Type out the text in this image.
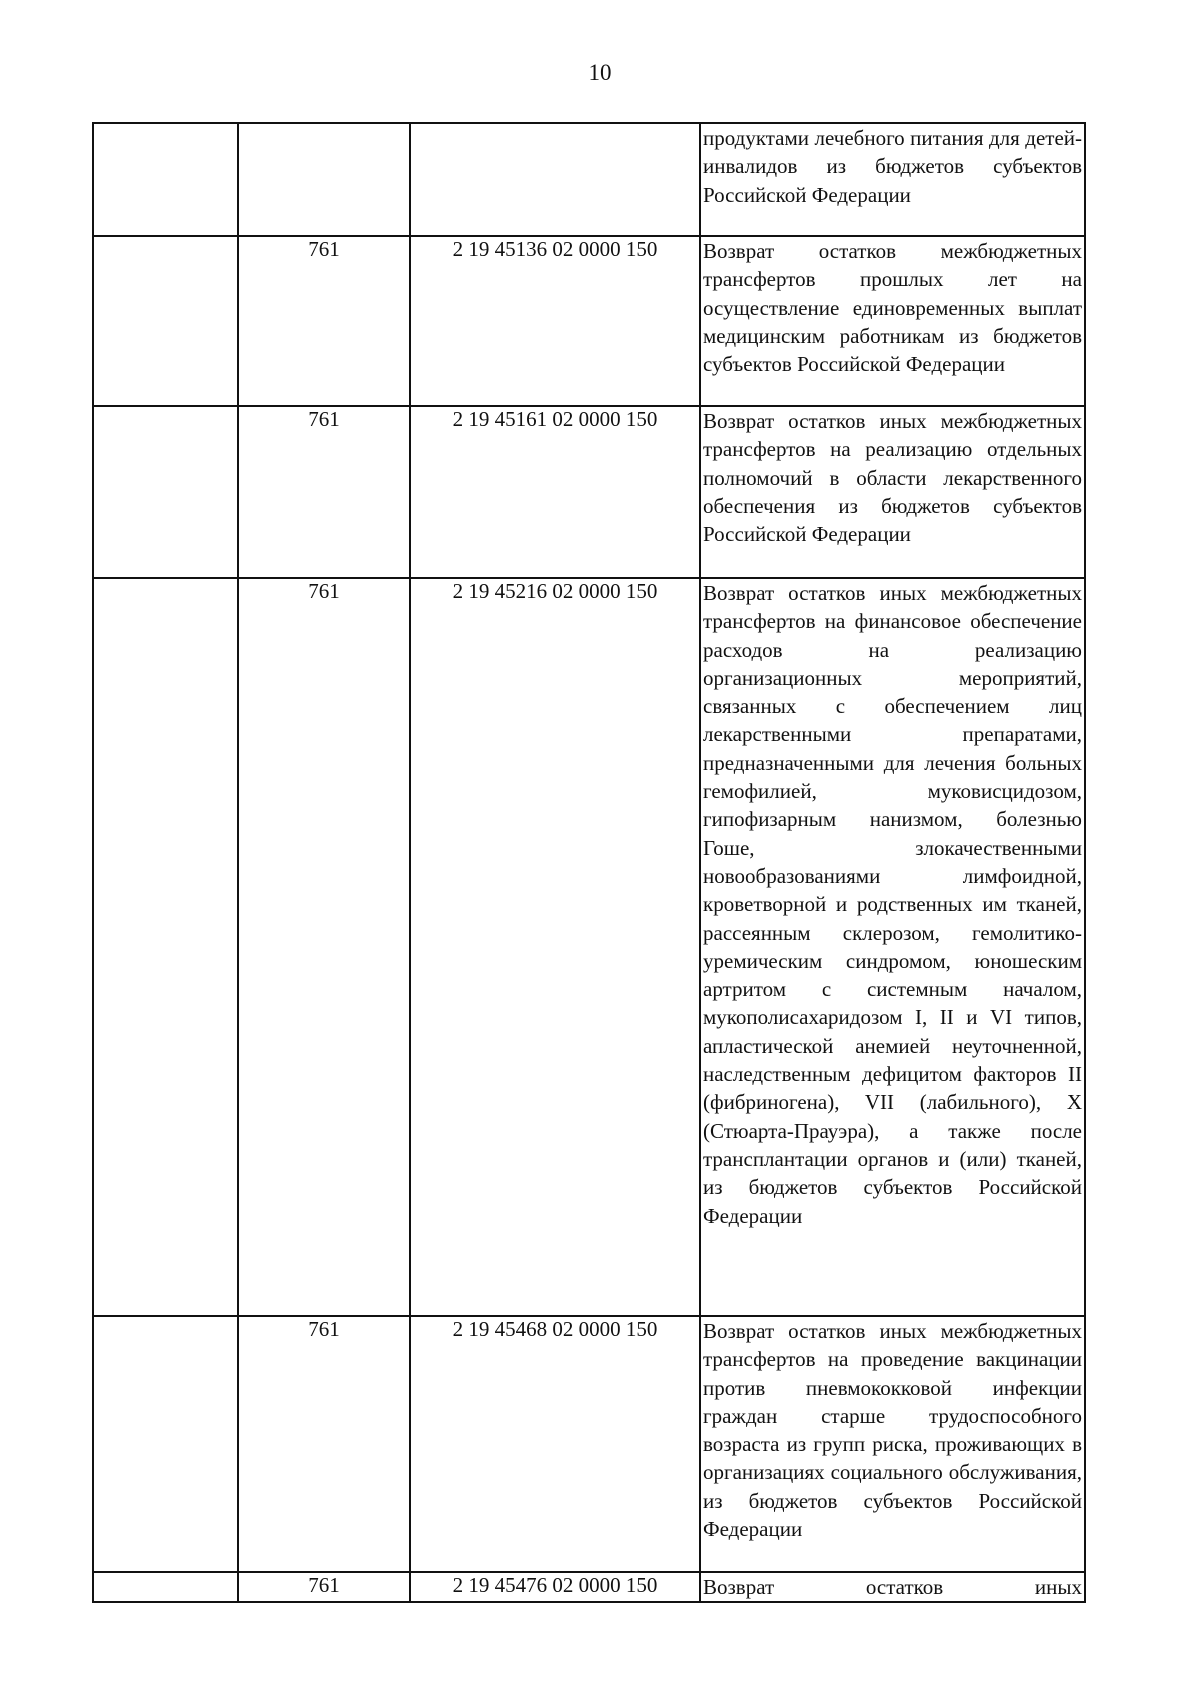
10

			продуктами лечебного питания для детей-инвалидов из бюджетов субъектов Российской Федерации

	761	2 19 45136 02 0000 150	Возврат остатков межбюджетных трансфертов прошлых лет на осуществление единовременных выплат медицинским работникам из бюджетов субъектов Российской Федерации

	761	2 19 45161 02 0000 150	Возврат остатков иных межбюджетных трансфертов на реализацию отдельных полномочий в области лекарственного обеспечения из бюджетов субъектов Российской Федерации

	761	2 19 45216 02 0000 150	Возврат остатков иных межбюджетных трансфертов на финансовое обеспечение расходов на реализацию организационных мероприятий, связанных с обеспечением лиц лекарственными препаратами, предназначенными для лечения больных гемофилией, муковисцидозом, гипофизарным нанизмом, болезнью Гоше, злокачественными новообразованиями лимфоидной, кроветворной и родственных им тканей, рассеянным склерозом, гемолитико-уремическим синдромом, юношеским артритом с системным началом, мукополисахаридозом I, II и VI типов, апластической анемией неуточненной, наследственным дефицитом факторов II (фибриногена), VII (лабильного), X (Стюарта-Прауэра), а также после трансплантации органов и (или) тканей, из бюджетов субъектов Российской Федерации

	761	2 19 45468 02 0000 150	Возврат остатков иных межбюджетных трансфертов на проведение вакцинации против пневмококковой инфекции граждан старше трудоспособного возраста из групп риска, проживающих в организациях социального обслуживания, из бюджетов субъектов Российской Федерации

	761	2 19 45476 02 0000 150	Возврат остатков иных
